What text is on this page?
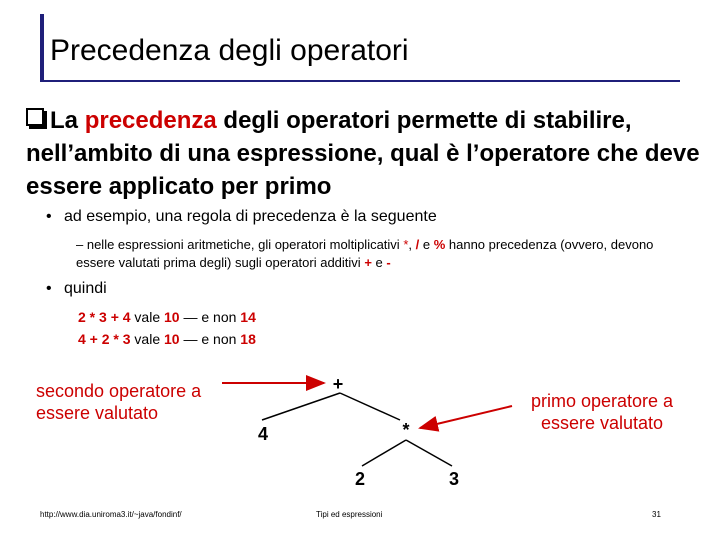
Precedenza degli operatori
La precedenza degli operatori permette di stabilire, nell’ambito di una espressione, qual è l’operatore che deve essere applicato per primo
• ad esempio, una regola di precedenza è la seguente
– nelle espressioni aritmetiche, gli operatori moltiplicativi *, / e % hanno precedenza (ovvero, devono essere valutati prima degli) sugli operatori additivi + e -
• quindi
2 * 3 + 4 vale 10 — e non 14
4 + 2 * 3 vale 10 — e non 18
+
4	*
2	3
secondo operatore a essere valutato
primo operatore a essere valutato
http://www.dia.uniroma3.it/~java/fondinf/	Tipi ed espressioni	31
